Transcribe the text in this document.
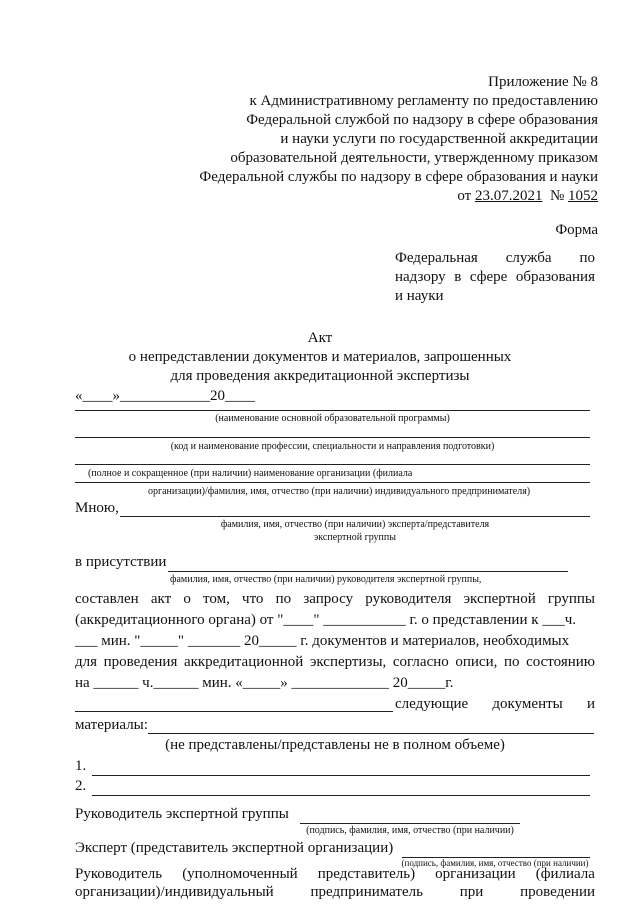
Приложение № 8
к Административному регламенту по предоставлению
Федеральной службой по надзору в сфере образования
и науки услуги по государственной аккредитации
образовательной деятельности, утвержденному приказом
Федеральной службы по надзору в сфере образования и науки
от 23.07.2021 № 1052
Форма
Федеральная служба по
надзору в сфере образования
и науки
Акт
о непредставлении документов и материалов, запрошенных
для проведения аккредитационной экспертизы
«____»____________20____
(наименование основной образовательной программы)
(код и наименование профессии, специальности и направления подготовки)
(полное и сокращенное (при наличии) наименование организации (филиала
организации)/фамилия, имя, отчество (при наличии) индивидуального предпринимателя)
Мною,
фамилия, имя, отчество (при наличии) эксперта/представителя
экспертной группы
в присутствии
фамилия, имя, отчество (при наличии) руководителя экспертной группы,
составлен акт о том, что по запросу руководителя экспертной группы
(аккредитационного органа) от "____" ___________ г. о представлении к ___ч.
___ мин. "_____" _______ 20_____ г. документов и материалов, необходимых
для проведения аккредитационной экспертизы, согласно описи, по состоянию
на ______ ч.______ мин. «_____» _____________ 20_____г.
следующие документы и
материалы:
(не представлены/представлены не в полном объеме)
1.
2.
Руководитель экспертной группы
(подпись, фамилия, имя, отчество (при наличии)
Эксперт (представитель экспертной организации)
(подпись, фамилия, имя, отчество (при наличии)
Руководитель (уполномоченный представитель) организации (филиала
организации)/индивидуальный предприниматель при проведении
